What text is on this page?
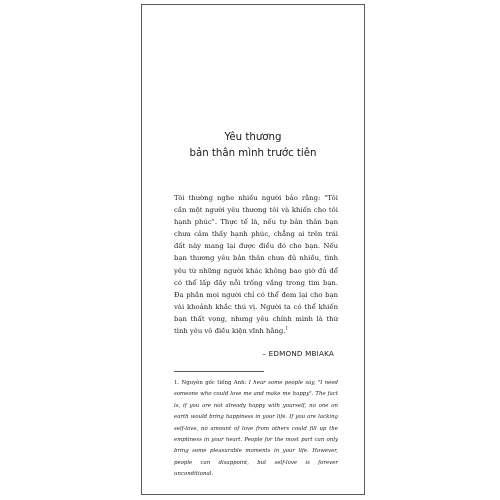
Yêu thương
bản thân mình trước tiên

Tôi thường nghe nhiều người bảo rằng: "Tôi cần một người yêu thương tôi và khiến cho tôi hạnh phúc". Thực tế là, nếu tự bản thân bạn chưa cảm thấy hạnh phúc, chẳng ai trên trái đất này mang lại được điều đó cho bạn. Nếu bạn thương yêu bản thân chưa đủ nhiều, tình yêu từ những người khác không bao giờ đủ để có thể lấp đầy nỗi trống vắng trong tim bạn. Đa phần mọi người chỉ có thể đem lại cho bạn vài khoảnh khắc thú vị. Người ta có thể khiến bạn thất vọng, nhưng yêu chính mình là thứ tình yêu vô điều kiện vĩnh hằng.$^1$

– EDMOND MBIAKA

1. Nguyên gốc tiếng Anh: I hear some people say, "I need someone who could love me and make me happy". The fact is, if you are not already happy with yourself, no one on earth would bring happiness in your life. If you are lacking self-love, no amount of love from others could fill up the emptiness in your heart. People for the most part can only bring some pleasurable moments in your life. However, people can disappoint, but self-love is forever unconditional.
